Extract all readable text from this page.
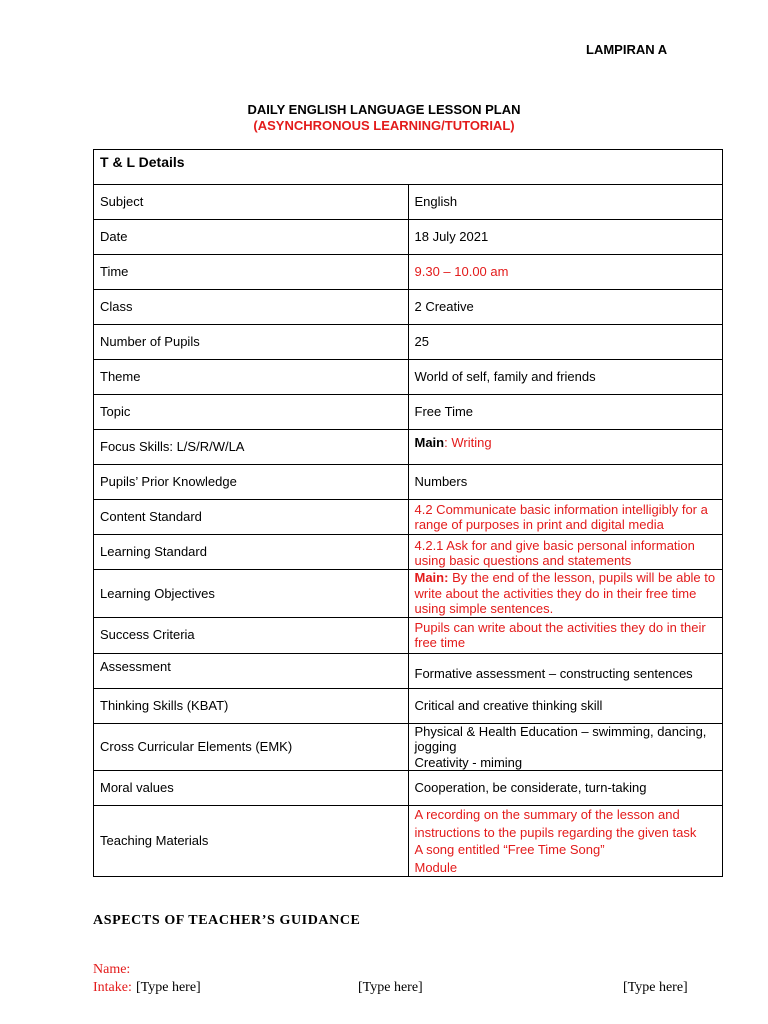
LAMPIRAN A
DAILY ENGLISH LANGUAGE LESSON PLAN
(ASYNCHRONOUS LEARNING/TUTORIAL)
T & L Details	
Subject	English
Date	18 July 2021
Time	9.30 – 10.00 am
Class	2 Creative
Number of Pupils	25
Theme	World of self, family and friends
Topic	Free Time
Focus Skills: L/S/R/W/LA	Main: Writing
Pupils’ Prior Knowledge	Numbers
Content Standard	4.2 Communicate basic information intelligibly for a range of purposes in print and digital media
Learning Standard	4.2.1 Ask for and give basic personal information using basic questions and statements
Learning Objectives	Main: By the end of the lesson, pupils will be able to write about the activities they do in their free time using simple sentences.
Success Criteria	Pupils can write about the activities they do in their free time
Assessment	Formative assessment – constructing sentences
Thinking Skills (KBAT)	Critical and creative thinking skill
Cross Curricular Elements (EMK)	Physical & Health Education – swimming, dancing, jogging
Creativity - miming

Moral values	Cooperation, be considerate, turn-taking
Teaching Materials	A recording on the summary of the lesson and instructions to the pupils regarding the given task
A song entitled “Free Time Song”
Module
ASPECTS OF TEACHER’S GUIDANCE
Name:
Intake: [Type here]	[Type here]	[Type here]
